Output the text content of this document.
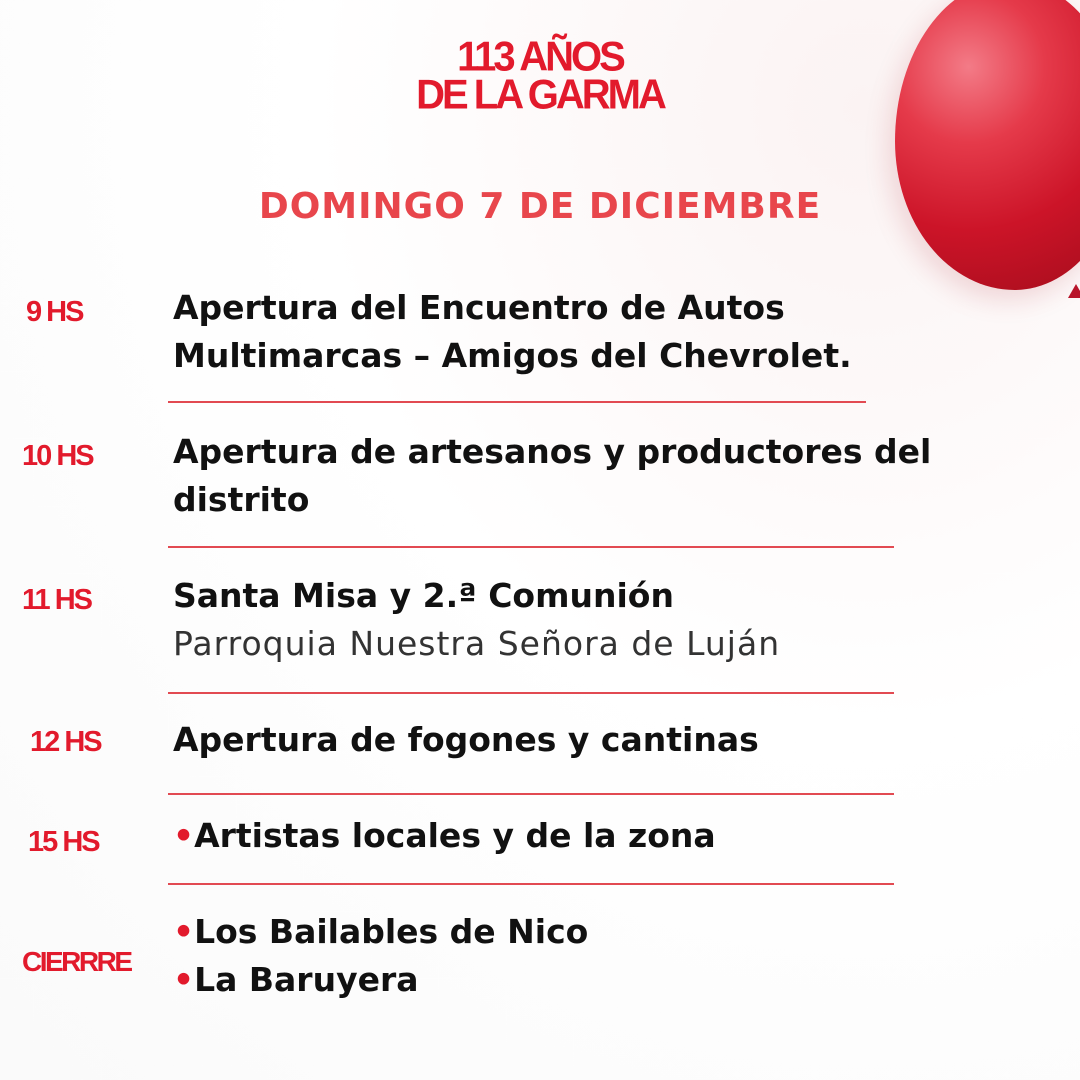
113 AÑOS
DE LA GARMA
DOMINGO 7 DE DICIEMBRE
9 HS	Apertura del Encuentro de Autos
Multimarcas – Amigos del Chevrolet.
10 HS Apertura de artesanos y productores del
distrito
11 HS Santa Misa y 2.ª Comunión
Parroquia Nuestra Señora de Luján
12 HS Apertura de fogones y cantinas
15 HS •Artistas locales y de la zona
CIERRRE
•Los Bailables de Nico
•La Baruyera
